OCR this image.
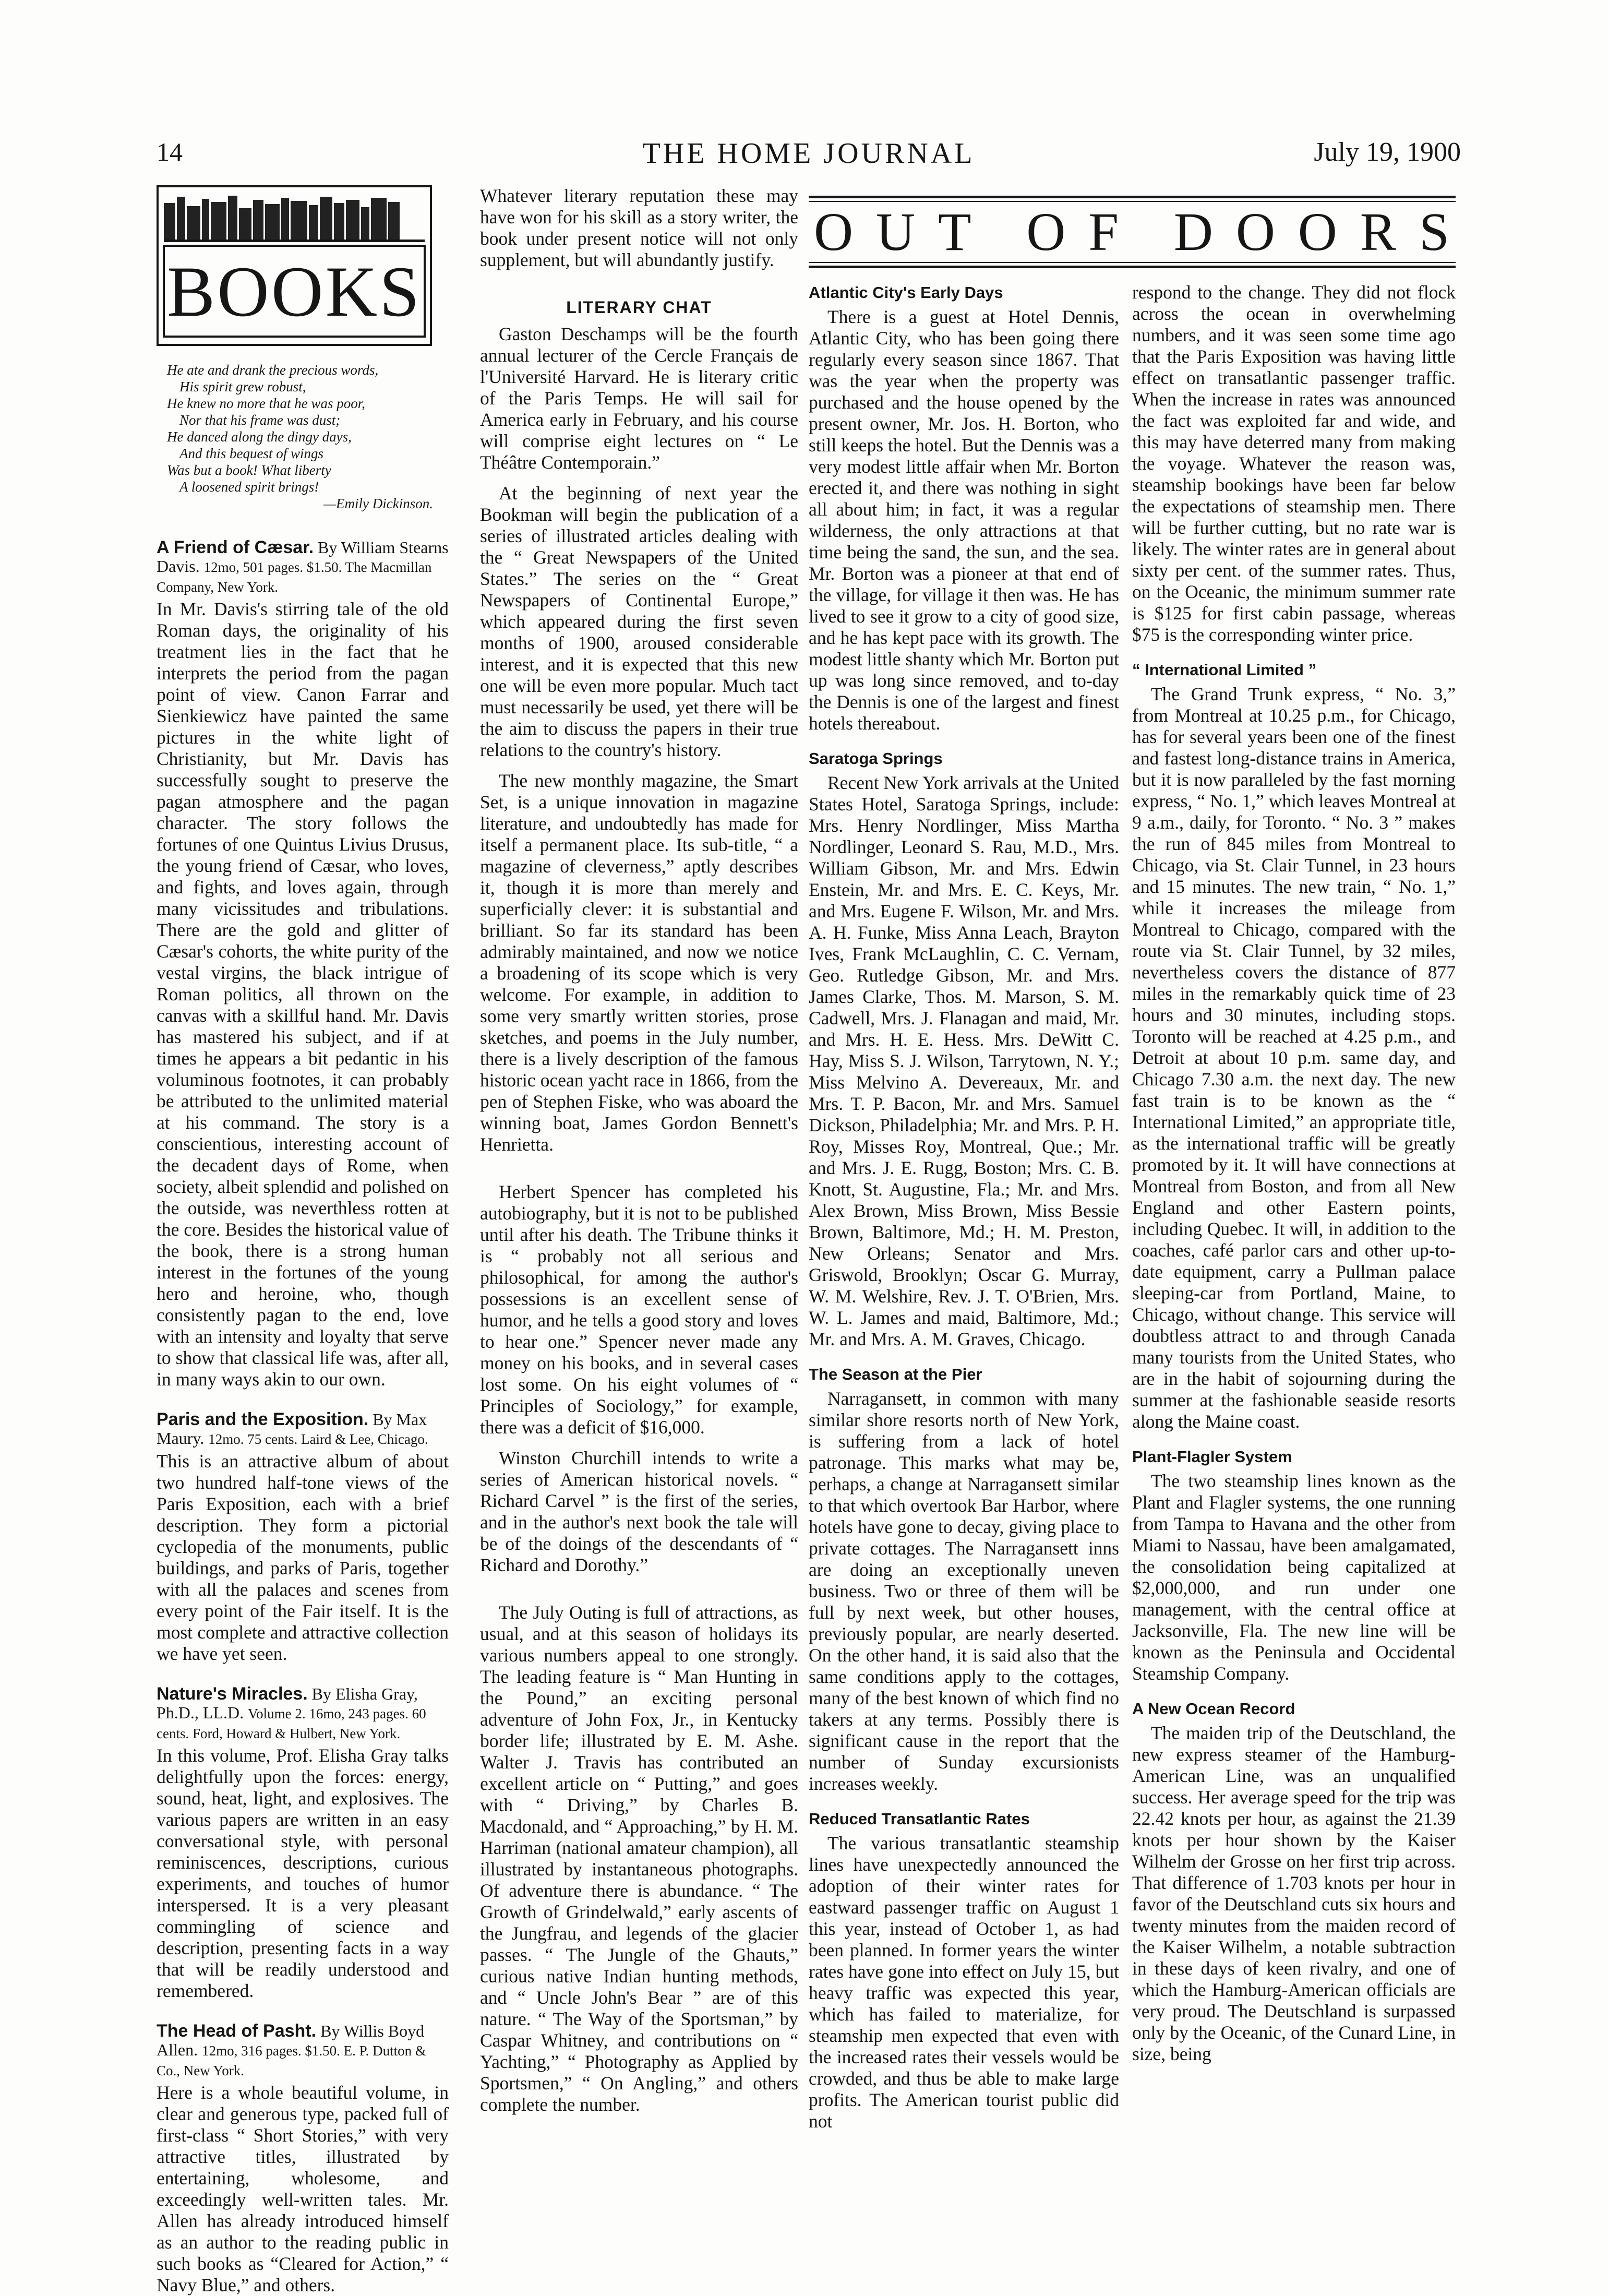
14	THE HOME JOURNAL	July 19, 1900
BOOKS
He ate and drank the precious words,
His spirit grew robust,
He knew no more that he was poor,
Nor that his frame was dust;
He danced along the dingy days,
And this bequest of wings
Was but a book! What liberty
A loosened spirit brings!
—Emily Dickinson.
A Friend of Cæsar. By William Stearns Davis. 12mo, 501 pages. $1.50. The Macmillan Company, New York.

In Mr. Davis's stirring tale of the old Roman days, the originality of his treatment lies in the fact that he interprets the period from the pagan point of view. Canon Farrar and Sienkiewicz have painted the same pictures in the white light of Christianity, but Mr. Davis has successfully sought to preserve the pagan atmosphere and the pagan character. The story follows the fortunes of one Quintus Livius Drusus, the young friend of Cæsar, who loves, and fights, and loves again, through many vicissitudes and tribulations. There are the gold and glitter of Cæsar's cohorts, the white purity of the vestal virgins, the black intrigue of Roman politics, all thrown on the canvas with a skillful hand. Mr. Davis has mastered his subject, and if at times he appears a bit pedantic in his voluminous footnotes, it can probably be attributed to the unlimited material at his command. The story is a conscientious, interesting account of the decadent days of Rome, when society, albeit splendid and polished on the outside, was neverthless rotten at the core. Besides the historical value of the book, there is a strong human interest in the fortunes of the young hero and heroine, who, though consistently pagan to the end, love with an intensity and loyalty that serve to show that classical life was, after all, in many ways akin to our own.

Paris and the Exposition. By Max Maury. 12mo. 75 cents. Laird & Lee, Chicago.

This is an attractive album of about two hundred half-tone views of the Paris Exposition, each with a brief description. They form a pictorial cyclopedia of the monuments, public buildings, and parks of Paris, together with all the palaces and scenes from every point of the Fair itself. It is the most complete and attractive collection we have yet seen.

Nature's Miracles. By Elisha Gray, Ph.D., LL.D. Volume 2. 16mo, 243 pages. 60 cents. Ford, Howard & Hulbert, New York.

In this volume, Prof. Elisha Gray talks delightfully upon the forces: energy, sound, heat, light, and explosives. The various papers are written in an easy conversational style, with personal reminiscences, descriptions, curious experiments, and touches of humor interspersed. It is a very pleasant commingling of science and description, presenting facts in a way that will be readily understood and remembered.

The Head of Pasht. By Willis Boyd Allen. 12mo, 316 pages. $1.50. E. P. Dutton & Co., New York.

Here is a whole beautiful volume, in clear and generous type, packed full of first-class “ Short Stories,” with very attractive titles, illustrated by entertaining, wholesome, and exceedingly well-written tales. Mr. Allen has already introduced himself as an author to the reading public in such books as “Cleared for Action,” “ Navy Blue,” and others.

Whatever literary reputation these may have won for his skill as a story writer, the book under present notice will not only supplement, but will abundantly justify.

LITERARY CHAT

Gaston Deschamps will be the fourth annual lecturer of the Cercle Français de l'Université Harvard. He is literary critic of the Paris Temps. He will sail for America early in February, and his course will comprise eight lectures on “ Le Théâtre Contemporain.”

At the beginning of next year the Bookman will begin the publication of a series of illustrated articles dealing with the “ Great Newspapers of the United States.” The series on the “ Great Newspapers of Continental Europe,” which appeared during the first seven months of 1900, aroused considerable interest, and it is expected that this new one will be even more popular. Much tact must necessarily be used, yet there will be the aim to discuss the papers in their true relations to the country's history.

The new monthly magazine, the Smart Set, is a unique innovation in magazine literature, and undoubtedly has made for itself a permanent place. Its sub-title, “ a magazine of cleverness,” aptly describes it, though it is more than merely and superficially clever: it is substantial and brilliant. So far its standard has been admirably maintained, and now we notice a broadening of its scope which is very welcome. For example, in addition to some very smartly written stories, prose sketches, and poems in the July number, there is a lively description of the famous historic ocean yacht race in 1866, from the pen of Stephen Fiske, who was aboard the winning boat, James Gordon Bennett's Henrietta.

Herbert Spencer has completed his autobiography, but it is not to be published until after his death. The Tribune thinks it is “ probably not all serious and philosophical, for among the author's possessions is an excellent sense of humor, and he tells a good story and loves to hear one.” Spencer never made any money on his books, and in several cases lost some. On his eight volumes of “ Principles of Sociology,” for example, there was a deficit of $16,000.

Winston Churchill intends to write a series of American historical novels. “ Richard Carvel ” is the first of the series, and in the author's next book the tale will be of the doings of the descendants of “ Richard and Dorothy.”

The July Outing is full of attractions, as usual, and at this season of holidays its various numbers appeal to one strongly. The leading feature is “ Man Hunting in the Pound,” an exciting personal adventure of John Fox, Jr., in Kentucky border life; illustrated by E. M. Ashe. Walter J. Travis has contributed an excellent article on “ Putting,” and goes with “ Driving,” by Charles B. Macdonald, and “ Approaching,” by H. M. Harriman (national amateur champion), all illustrated by instantaneous photographs. Of adventure there is abundance. “ The Growth of Grindelwald,” early ascents of the Jungfrau, and legends of the glacier passes. “ The Jungle of the Ghauts,” curious native Indian hunting methods, and “ Uncle John's Bear ” are of this nature. “ The Way of the Sportsman,” by Caspar Whitney, and contributions on “ Yachting,” “ Photography as Applied by Sportsmen,” “ On Angling,” and others complete the number.

O U T O F D O O R S
Atlantic City's Early Days

There is a guest at Hotel Dennis, Atlantic City, who has been going there regularly every season since 1867. That was the year when the property was purchased and the house opened by the present owner, Mr. Jos. H. Borton, who still keeps the hotel. But the Dennis was a very modest little affair when Mr. Borton erected it, and there was nothing in sight all about him; in fact, it was a regular wilderness, the only attractions at that time being the sand, the sun, and the sea. Mr. Borton was a pioneer at that end of the village, for village it then was. He has lived to see it grow to a city of good size, and he has kept pace with its growth. The modest little shanty which Mr. Borton put up was long since removed, and to-day the Dennis is one of the largest and finest hotels thereabout.

Saratoga Springs

Recent New York arrivals at the United States Hotel, Saratoga Springs, include: Mrs. Henry Nordlinger, Miss Martha Nordlinger, Leonard S. Rau, M.D., Mrs. William Gibson, Mr. and Mrs. Edwin Enstein, Mr. and Mrs. E. C. Keys, Mr. and Mrs. Eugene F. Wilson, Mr. and Mrs. A. H. Funke, Miss Anna Leach, Brayton Ives, Frank McLaughlin, C. C. Vernam, Geo. Rutledge Gibson, Mr. and Mrs. James Clarke, Thos. M. Marson, S. M. Cadwell, Mrs. J. Flanagan and maid, Mr. and Mrs. H. E. Hess. Mrs. DeWitt C. Hay, Miss S. J. Wilson, Tarrytown, N. Y.; Miss Melvino A. Devereaux, Mr. and Mrs. T. P. Bacon, Mr. and Mrs. Samuel Dickson, Philadelphia; Mr. and Mrs. P. H. Roy, Misses Roy, Montreal, Que.; Mr. and Mrs. J. E. Rugg, Boston; Mrs. C. B. Knott, St. Augustine, Fla.; Mr. and Mrs. Alex Brown, Miss Brown, Miss Bessie Brown, Baltimore, Md.; H. M. Preston, New Orleans; Senator and Mrs. Griswold, Brooklyn; Oscar G. Murray, W. M. Welshire, Rev. J. T. O'Brien, Mrs. W. L. James and maid, Baltimore, Md.; Mr. and Mrs. A. M. Graves, Chicago.

The Season at the Pier

Narragansett, in common with many similar shore resorts north of New York, is suffering from a lack of hotel patronage. This marks what may be, perhaps, a change at Narragansett similar to that which overtook Bar Harbor, where hotels have gone to decay, giving place to private cottages. The Narragansett inns are doing an exceptionally uneven business. Two or three of them will be full by next week, but other houses, previously popular, are nearly deserted. On the other hand, it is said also that the same conditions apply to the cottages, many of the best known of which find no takers at any terms. Possibly there is significant cause in the report that the number of Sunday excursionists increases weekly.

Reduced Transatlantic Rates

The various transatlantic steamship lines have unexpectedly announced the adoption of their winter rates for eastward passenger traffic on August 1 this year, instead of October 1, as had been planned. In former years the winter rates have gone into effect on July 15, but heavy traffic was expected this year, which has failed to materialize, for steamship men expected that even with the increased rates their vessels would be crowded, and thus be able to make large profits. The American tourist public did not

respond to the change. They did not flock across the ocean in overwhelming numbers, and it was seen some time ago that the Paris Exposition was having little effect on transatlantic passenger traffic. When the increase in rates was announced the fact was exploited far and wide, and this may have deterred many from making the voyage. Whatever the reason was, steamship bookings have been far below the expectations of steamship men. There will be further cutting, but no rate war is likely. The winter rates are in general about sixty per cent. of the summer rates. Thus, on the Oceanic, the minimum summer rate is $125 for first cabin passage, whereas $75 is the corresponding winter price.

“ International Limited ”

The Grand Trunk express, “ No. 3,” from Montreal at 10.25 p.m., for Chicago, has for several years been one of the finest and fastest long-distance trains in America, but it is now paralleled by the fast morning express, “ No. 1,” which leaves Montreal at 9 a.m., daily, for Toronto. “ No. 3 ” makes the run of 845 miles from Montreal to Chicago, via St. Clair Tunnel, in 23 hours and 15 minutes. The new train, “ No. 1,” while it increases the mileage from Montreal to Chicago, compared with the route via St. Clair Tunnel, by 32 miles, nevertheless covers the distance of 877 miles in the remarkably quick time of 23 hours and 30 minutes, including stops. Toronto will be reached at 4.25 p.m., and Detroit at about 10 p.m. same day, and Chicago 7.30 a.m. the next day. The new fast train is to be known as the “ International Limited,” an appropriate title, as the international traffic will be greatly promoted by it. It will have connections at Montreal from Boston, and from all New England and other Eastern points, including Quebec. It will, in addition to the coaches, café parlor cars and other up-to-date equipment, carry a Pullman palace sleeping-car from Portland, Maine, to Chicago, without change. This service will doubtless attract to and through Canada many tourists from the United States, who are in the habit of sojourning during the summer at the fashionable seaside resorts along the Maine coast.

Plant-Flagler System

The two steamship lines known as the Plant and Flagler systems, the one running from Tampa to Havana and the other from Miami to Nassau, have been amalgamated, the consolidation being capitalized at $2,000,000, and run under one management, with the central office at Jacksonville, Fla. The new line will be known as the Peninsula and Occidental Steamship Company.

A New Ocean Record

The maiden trip of the Deutschland, the new express steamer of the Hamburg-American Line, was an unqualified success. Her average speed for the trip was 22.42 knots per hour, as against the 21.39 knots per hour shown by the Kaiser Wilhelm der Grosse on her first trip across. That difference of 1.703 knots per hour in favor of the Deutschland cuts six hours and twenty minutes from the maiden record of the Kaiser Wilhelm, a notable subtraction in these days of keen rivalry, and one of which the Hamburg-American officials are very proud. The Deutschland is surpassed only by the Oceanic, of the Cunard Line, in size, being
